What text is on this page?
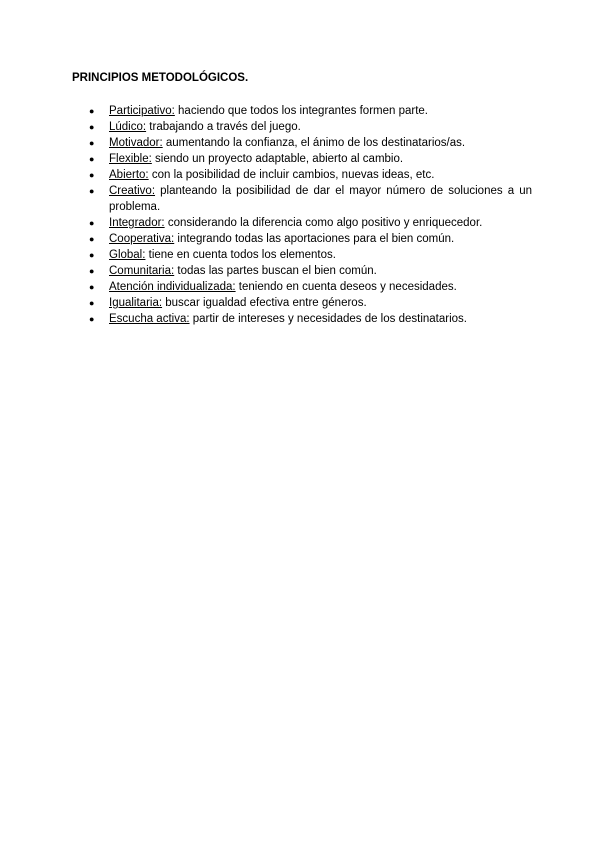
PRINCIPIOS METODOLÓGICOS.
● Participativo: haciendo que todos los integrantes formen parte.
● Lúdico: trabajando a través del juego.
● Motivador: aumentando la confianza, el ánimo de los destinatarios/as.
● Flexible: siendo un proyecto adaptable, abierto al cambio.
● Abierto: con la posibilidad de incluir cambios, nuevas ideas, etc.
● Creativo: planteando la posibilidad de dar el mayor número de soluciones a un problema.
● Integrador: considerando la diferencia como algo positivo y enriquecedor.
● Cooperativa: integrando todas las aportaciones para el bien común.
● Global: tiene en cuenta todos los elementos.
● Comunitaria: todas las partes buscan el bien común.
● Atención individualizada: teniendo en cuenta deseos y necesidades.
● Igualitaria: buscar igualdad efectiva entre géneros.
● Escucha activa: partir de intereses y necesidades de los destinatarios.
